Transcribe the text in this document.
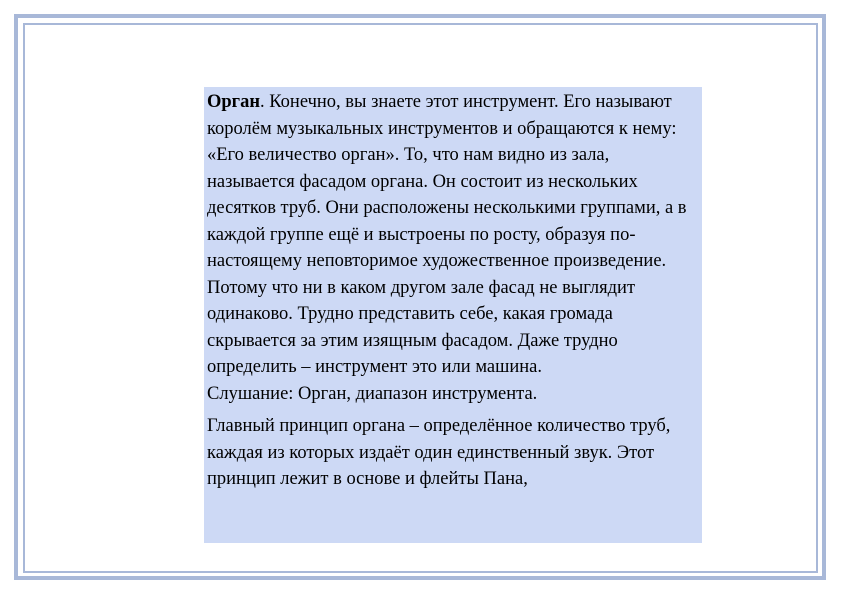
Орган. Конечно, вы знаете этот инструмент. Его называют королём музыкальных инструментов и обращаются к нему: «Его величество орган». То, что нам видно из зала, называется фасадом органа. Он состоит из нескольких десятков труб. Они расположены несколькими группами, а в каждой группе ещё и выстроены по росту, образуя по-настоящему неповторимое художественное произведение. Потому что ни в каком другом зале фасад не выглядит одинаково. Трудно представить себе, какая громада скрывается за этим изящным фасадом. Даже трудно определить – инструмент это или машина.

Слушание: Орган, диапазон инструмента.

Главный принцип органа – определённое количество труб, каждая из которых издаёт один единственный звук. Этот принцип лежит в основе и флейты Пана,
